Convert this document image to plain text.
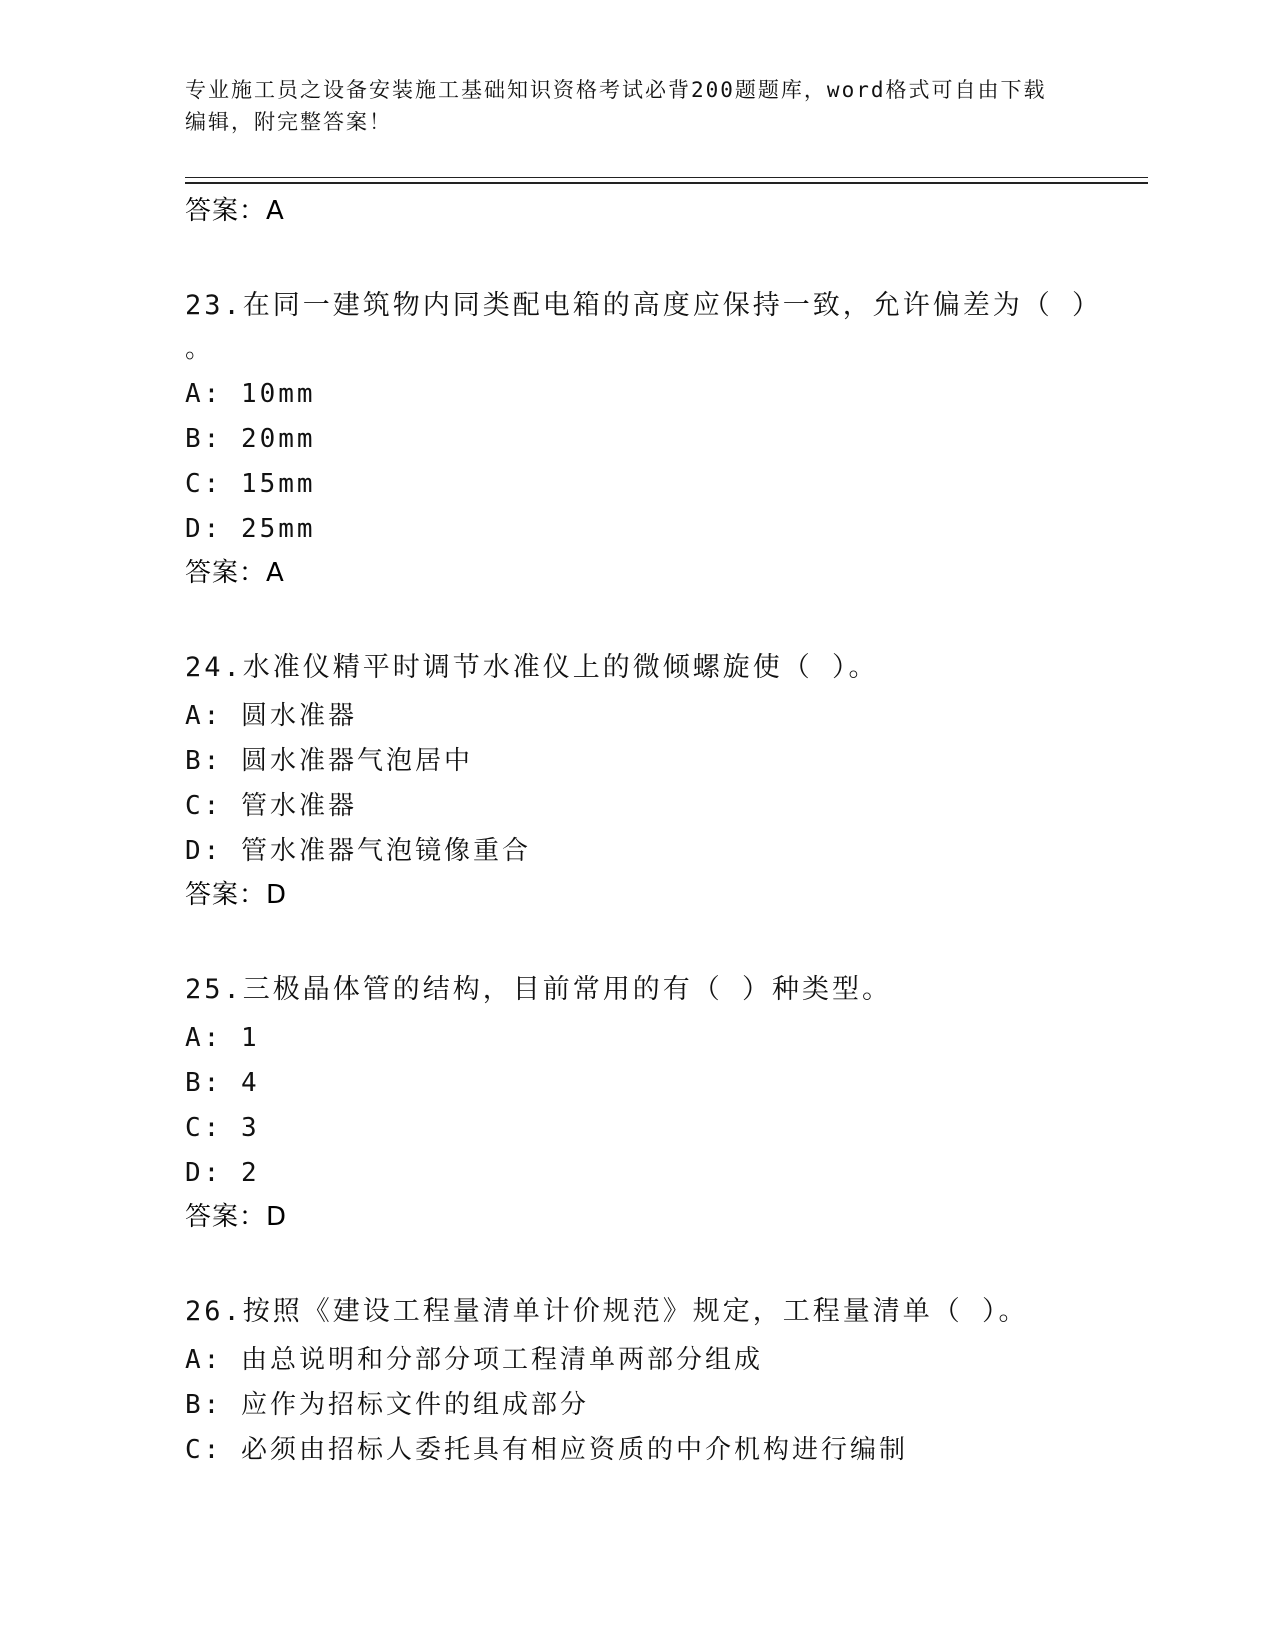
专业施工员之设备安装施工基础知识资格考试必背200题题库，word格式可自由下载编辑，附完整答案！
答案：A
23.在同一建筑物内同类配电箱的高度应保持一致，允许偏差为（ ）
。
A: 10mm
B: 20mm
C: 15mm
D: 25mm
答案：A
24.水准仪精平时调节水准仪上的微倾螺旋使（ ）。
A: 圆水准器
B: 圆水准器气泡居中
C: 管水准器
D: 管水准器气泡镜像重合
答案：D
25.三极晶体管的结构，目前常用的有（ ）种类型。
A: 1
B: 4
C: 3
D: 2
答案：D
26.按照《建设工程量清单计价规范》规定，工程量清单（ ）。
A: 由总说明和分部分项工程清单两部分组成
B: 应作为招标文件的组成部分
C: 必须由招标人委托具有相应资质的中介机构进行编制
